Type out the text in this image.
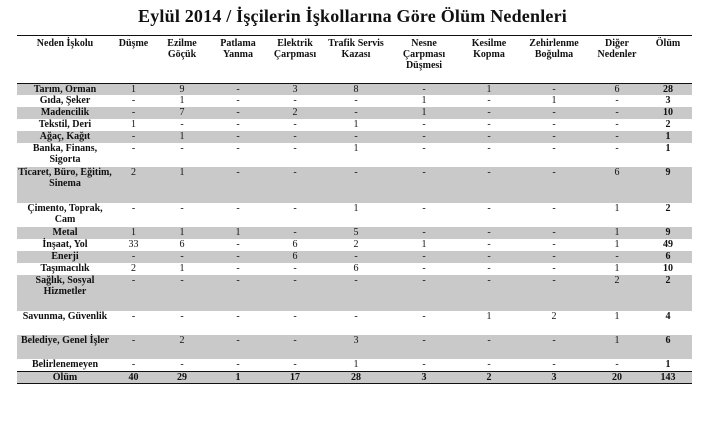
Eylül 2014 / İşçilerin İşkollarına Göre Ölüm Nedenleri
Neden İşkolu	Düşme	Ezilme Göçük	Patlama Yanma	Elektrik Çarpması	Trafik Servis Kazası	Nesne Çarpması Düşmesi	Kesilme Kopma	Zehirlenme Boğulma	Diğer Nedenler	Ölüm
Tarım, Orman	1	9	-	3	8	-	1	-	6	28
Gıda, Şeker	-	1	-	-	-	1	-	1	-	3
Madencilik	-	7	-	2	-	1	-	-	-	10
Tekstil, Deri	1	-	-	-	1	-	-	-	-	2
Ağaç, Kağıt	-	1	-	-	-	-	-	-	-	1
Banka, Finans, Sigorta	-	-	-	-	1	-	-	-	-	1
Ticaret, Büro, Eğitim, Sinema	2	1	-	-	-	-	-	-	6	9
Çimento, Toprak, Cam	-	-	-	-	1	-	-	-	1	2
Metal	1	1	1	-	5	-	-	-	1	9
İnşaat, Yol	33	6	-	6	2	1	-	-	1	49
Enerji	-	-	-	6	-	-	-	-	-	6
Taşımacılık	2	1	-	-	6	-	-	-	1	10
Sağlık, Sosyal Hizmetler	-	-	-	-	-	-	-	-	2	2
Savunma, Güvenlik	-	-	-	-	-	-	1	2	1	4
Belediye, Genel İşler	-	2	-	-	3	-	-	-	1	6
Belirlenemeyen	-	-	-	-	1	-	-	-	-	1
Ölüm	40	29	1	17	28	3	2	3	20	143
